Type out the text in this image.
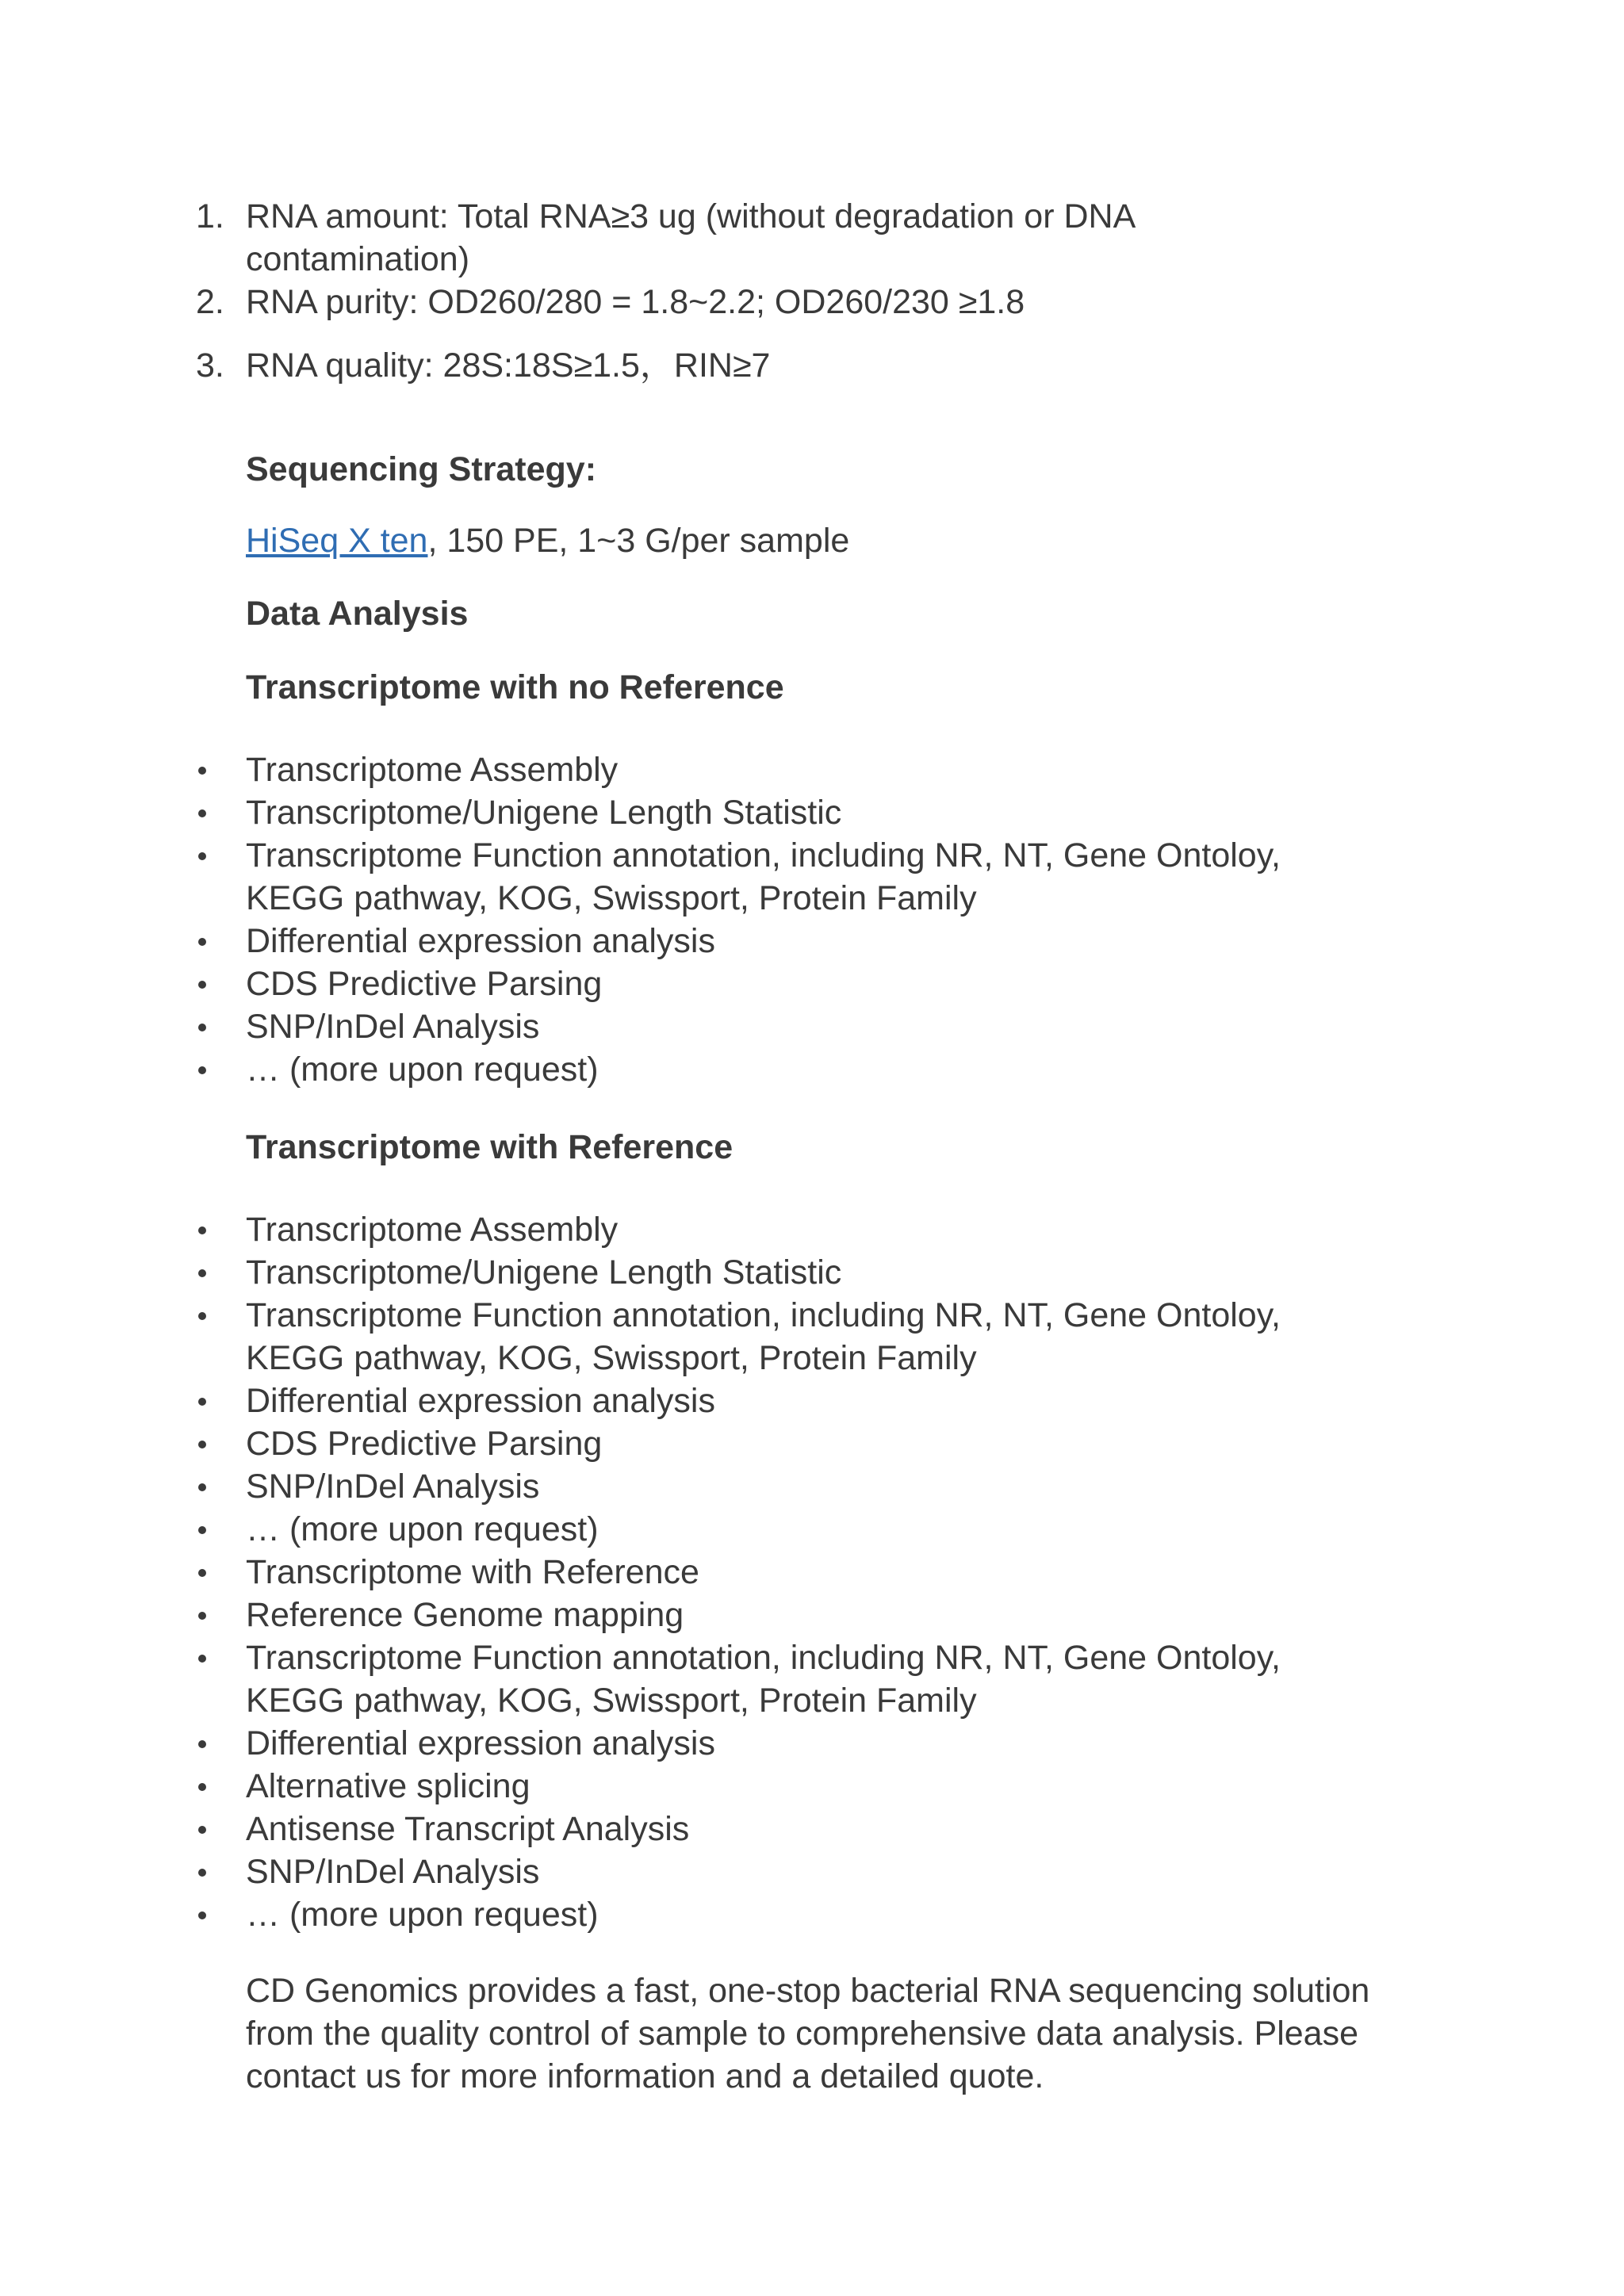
1. RNA amount: Total RNA≥3 ug (without degradation or DNA contamination)
2. RNA purity: OD260/280 = 1.8~2.2; OD260/230 ≥1.8
3. RNA quality: 28S:18S≥1.5，RIN≥7
Sequencing Strategy:
HiSeq X ten, 150 PE, 1~3 G/per sample
Data Analysis
Transcriptome with no Reference
Transcriptome Assembly
Transcriptome/Unigene Length Statistic
Transcriptome Function annotation, including NR, NT, Gene Ontoloy, KEGG pathway, KOG, Swissport, Protein Family
Differential expression analysis
CDS Predictive Parsing
SNP/InDel Analysis
… (more upon request)
Transcriptome with Reference
Transcriptome Assembly
Transcriptome/Unigene Length Statistic
Transcriptome Function annotation, including NR, NT, Gene Ontoloy, KEGG pathway, KOG, Swissport, Protein Family
Differential expression analysis
CDS Predictive Parsing
SNP/InDel Analysis
… (more upon request)
Transcriptome with Reference
Reference Genome mapping
Transcriptome Function annotation, including NR, NT, Gene Ontoloy, KEGG pathway, KOG, Swissport, Protein Family
Differential expression analysis
Alternative splicing
Antisense Transcript Analysis
SNP/InDel Analysis
… (more upon request)
CD Genomics provides a fast, one-stop bacterial RNA sequencing solution from the quality control of sample to comprehensive data analysis. Please contact us for more information and a detailed quote.
